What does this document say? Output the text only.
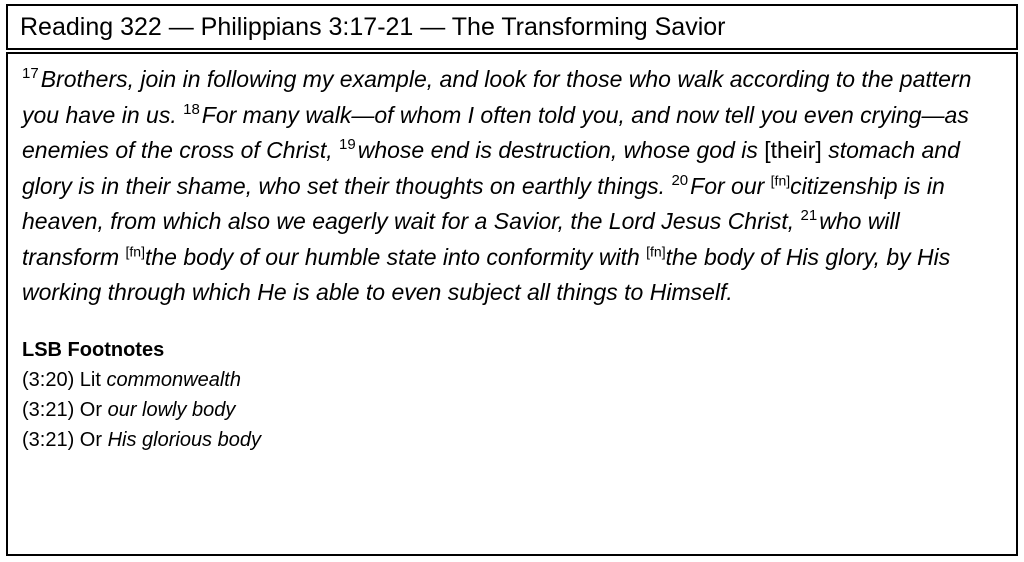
Reading 322 — Philippians 3:17-21 — The Transforming Savior
$^{17}$Brothers, join in following my example, and look for those who walk according to the pattern you have in us. $^{18}$For many walk—of whom I often told you, and now tell you even crying—as enemies of the cross of Christ, $^{19}$whose end is destruction, whose god is [their] stomach and glory is in their shame, who set their thoughts on earthly things. $^{20}$For our [fn]citizenship is in heaven, from which also we eagerly wait for a Savior, the Lord Jesus Christ, $^{21}$who will transform [fn]the body of our humble state into conformity with [fn]the body of His glory, by His working through which He is able to even subject all things to Himself.
LSB Footnotes
(3:20) Lit commonwealth
(3:21) Or our lowly body
(3:21) Or His glorious body
